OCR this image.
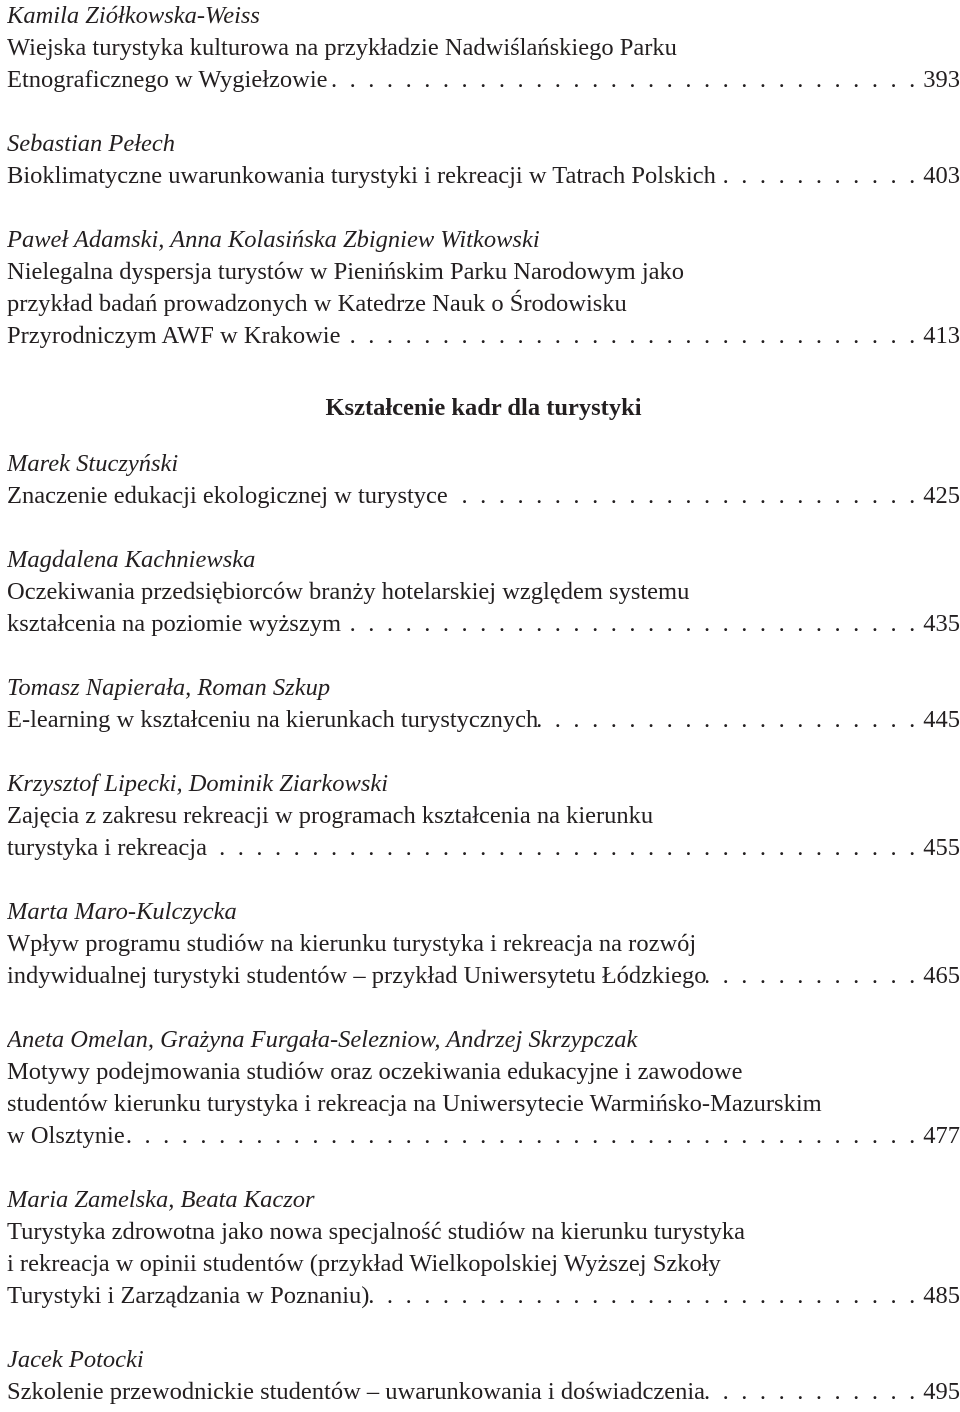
Kamila Ziółkowska-Weiss
Wiejska turystyka kulturowa na przykładzie Nadwiślańskiego Parku
Etnograficznego w Wygiełzowie . . .	393
Sebastian Pełech
Bioklimatyczne uwarunkowania turystyki i rekreacji w Tatrach Polskich . . .	403
Paweł Adamski, Anna Kolasińska Zbigniew Witkowski
Nielegalna dyspersja turystów w Pienińskim Parku Narodowym jako
przykład badań prowadzonych w Katedrze Nauk o Środowisku
Przyrodniczym AWF w Krakowie . . .	413
Kształcenie kadr dla turystyki
Marek Stuczyński
Znaczenie edukacji ekologicznej w turystyce . . .	425
Magdalena Kachniewska
Oczekiwania przedsiębiorców branży hotelarskiej względem systemu
kształcenia na poziomie wyższym . . .	435
Tomasz Napierała, Roman Szkup
E-learning w kształceniu na kierunkach turystycznych . . .	445
Krzysztof Lipecki, Dominik Ziarkowski
Zajęcia z zakresu rekreacji w programach kształcenia na kierunku
turystyka i rekreacja . . .	455
Marta Maro-Kulczycka
Wpływ programu studiów na kierunku turystyka i rekreacja na rozwój
indywidualnej turystyki studentów – przykład Uniwersytetu Łódzkiego . . .	465
Aneta Omelan, Grażyna Furgała-Selezniow, Andrzej Skrzypczak
Motywy podejmowania studiów oraz oczekiwania edukacyjne i zawodowe
studentów kierunku turystyka i rekreacja na Uniwersytecie Warmińsko-Mazurskim
w Olsztynie . . .	477
Maria Zamelska, Beata Kaczor
Turystyka zdrowotna jako nowa specjalność studiów na kierunku turystyka
i rekreacja w opinii studentów (przykład Wielkopolskiej Wyższej Szkoły
Turystyki i Zarządzania w Poznaniu) . . .	485
Jacek Potocki
Szkolenie przewodnickie studentów – uwarunkowania i doświadczenia . . .	495
